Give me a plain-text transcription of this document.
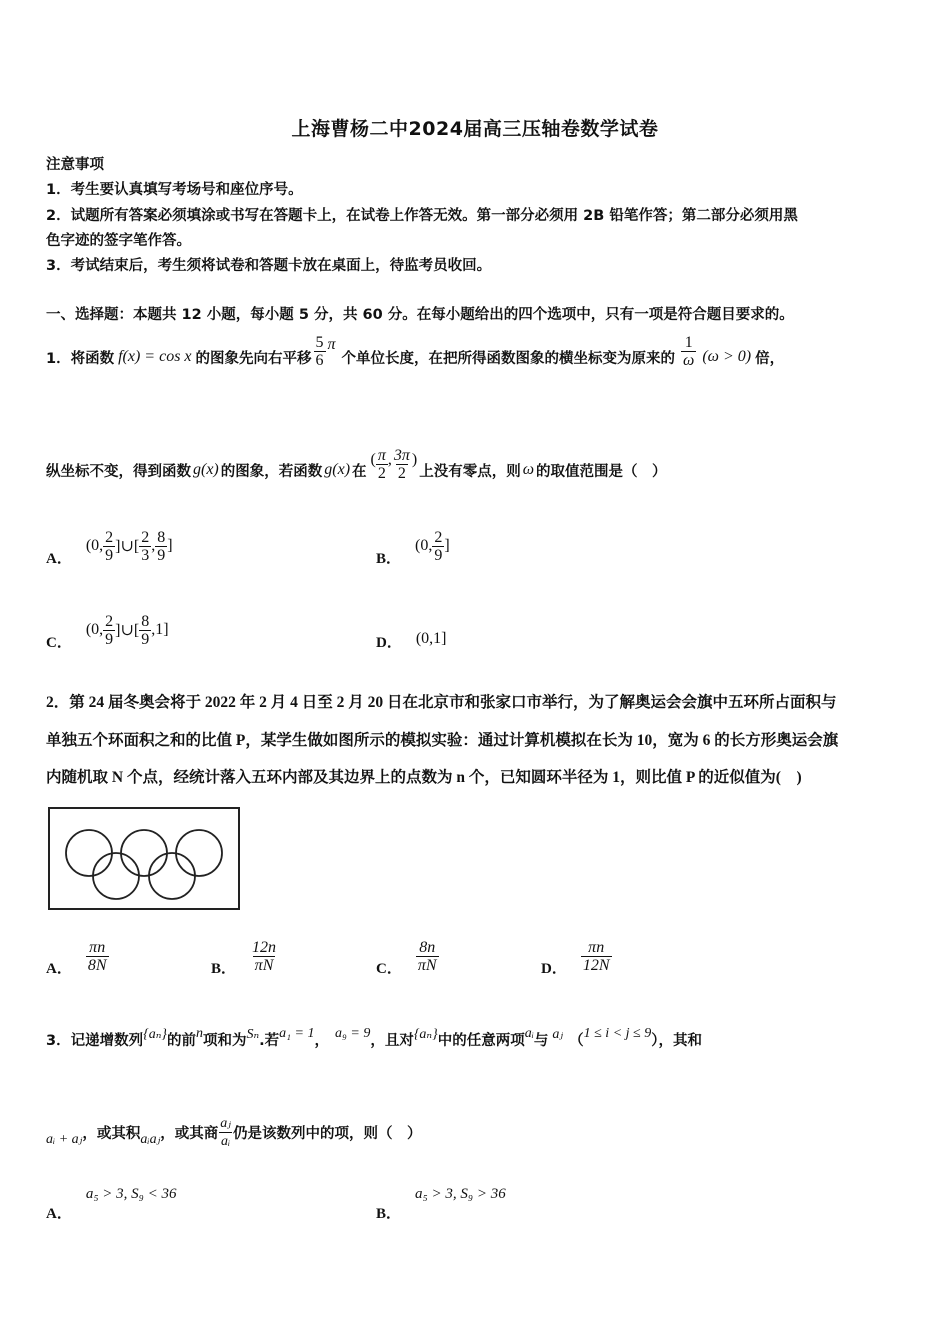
上海曹杨二中2024届高三压轴卷数学试卷
注意事项
1．考生要认真填写考场号和座位序号。
2．试题所有答案必须填涂或书写在答题卡上，在试卷上作答无效。第一部分必须用 2B 铅笔作答；第二部分必须用黑
色字迹的签字笔作答。
3．考试结束后，考生须将试卷和答题卡放在桌面上，待监考员收回。
一、选择题：本题共 12 小题，每小题 5 分，共 60 分。在每小题给出的四个选项中，只有一项是符合题目要求的。
1．将函数 f(x) = cos x 的图象先向右平移 $\frac{5}{6}$ π
个单位长度，在把所得函数图象的横坐标变为原来的 $\frac{1}{\omega} (\omega > 0)$ 倍，
纵坐标不变，得到函数 g(x) 的图象，若函数 g(x) 在
( $\frac{\pi}{2}$ , $\frac{3\pi}{2}$ )
上没有零点，则 ω 的取值范围是（　）
A．
(0, $\frac{2}{9}$ ]∪[ $\frac{2}{3}$ , $\frac{8}{9}$ ]
B．
(0, $\frac{2}{9}$ ]
C．
(0, $\frac{2}{9}$ ]∪[ $\frac{8}{9} ,1$]
D． (0,1]
2．第 24 届冬奥会将于 2022 年 2 月 4 日至 2 月 20 日在北京市和张家口市举行，为了解奥运会会旗中五环所占面积与
单独五个环面积之和的比值 P，某学生做如图所示的模拟实验：通过计算机模拟在长为 10，宽为 6 的长方形奥运会旗
内随机取 N 个点，经统计落入五环内部及其边界上的点数为 n 个，已知圆环半径为 1，则比值 P 的近似值为(　)
A． $\frac{\pi n}{8N}$	B． $\frac{12n}{\pi N}$	C． $\frac{8n}{\pi N}$	D． $\frac{\pi n}{12N}$
3．记递增数列 {aₙ} 的前 n 项和为 Sₙ .若 a₁ = 1 ， a₉ = 9 ，且对 {aₙ} 中的任意两项 aᵢ 与 aⱼ （ 1 ≤ i < j ≤ 9 ），其和
aᵢ + aⱼ ，或其积 aᵢaⱼ ，或其商 $\frac{\text{aⱼ}}{\text{aᵢ}}$ 仍是该数列中的项，则（　）
A．
a₅ > 3, S₉ < 36
B．
a₅ > 3, S₉ > 36
